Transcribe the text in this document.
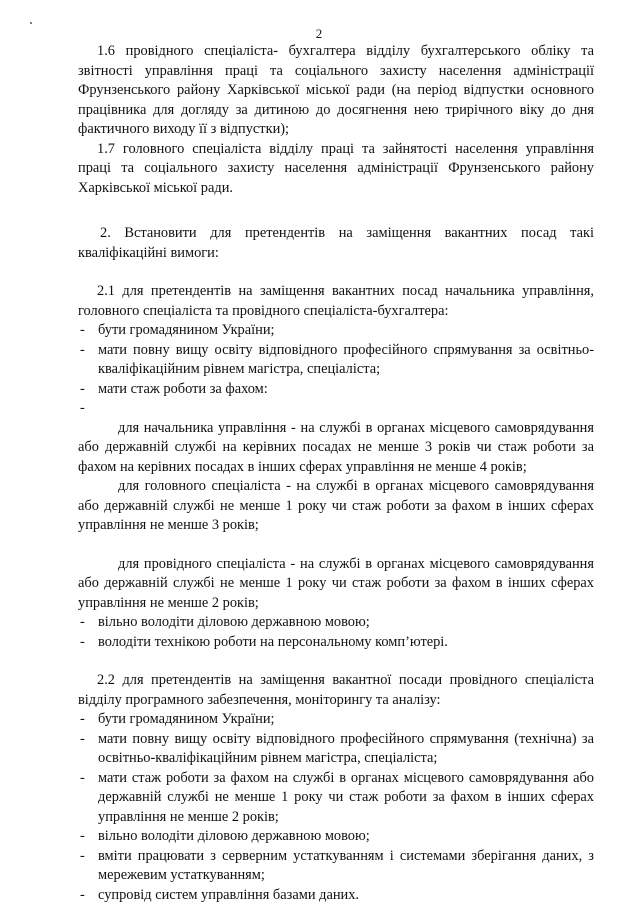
2

1.6 провідного спеціаліста- бухгалтера відділу бухгалтерського обліку та звітності управління праці та соціального захисту населення адміністрації Фрунзенського району Харківської міської ради (на період відпустки основного працівника для догляду за дитиною до досягнення нею трирічного віку до дня фактичного виходу її з відпустки);

1.7 головного спеціаліста відділу праці та зайнятості населення управління праці та соціального захисту населення адміністрації Фрунзенського району Харківської міської ради.

2. Встановити для претендентів на заміщення вакантних посад такі кваліфікаційні вимоги:

2.1 для претендентів на заміщення вакантних посад начальника управління, головного спеціаліста та провідного спеціаліста-бухгалтера:

- бути громадянином України;
- мати повну вищу освіту відповідного професійного спрямування за освітньо-кваліфікаційним рівнем магістра, спеціаліста;
- мати стаж роботи за фахом:
-

для начальника управління - на службі в органах місцевого самоврядування або державній службі на керівних посадах не менше 3 років чи стаж роботи за фахом на керівних посадах в інших сферах управління не менше 4 років;

для головного спеціаліста - на службі в органах місцевого самоврядування або державній службі не менше 1 року чи стаж роботи за фахом в інших сферах управління не менше 3 років;

для провідного спеціаліста - на службі в органах місцевого самоврядування або державній службі не менше 1 року чи стаж роботи за фахом в інших сферах управління не менше 2 років;

- вільно володіти діловою державною мовою;
- володіти технікою роботи на персональному комп’ютері.

2.2 для претендентів на заміщення вакантної посади провідного спеціаліста відділу програмного забезпечення, моніторингу та аналізу:

- бути громадянином України;
- мати повну вищу освіту відповідного професійного спрямування (технічна) за освітньо-кваліфікаційним рівнем магістра, спеціаліста;
- мати стаж роботи за фахом на службі в органах місцевого самоврядування або державній службі не менше 1 року чи стаж роботи за фахом в інших сферах управління не менше 2 років;
- вільно володіти діловою державною мовою;
- вміти працювати з серверним устаткуванням і системами зберігання даних, з мережевим устаткуванням;
- супровід систем управління базами даних.
